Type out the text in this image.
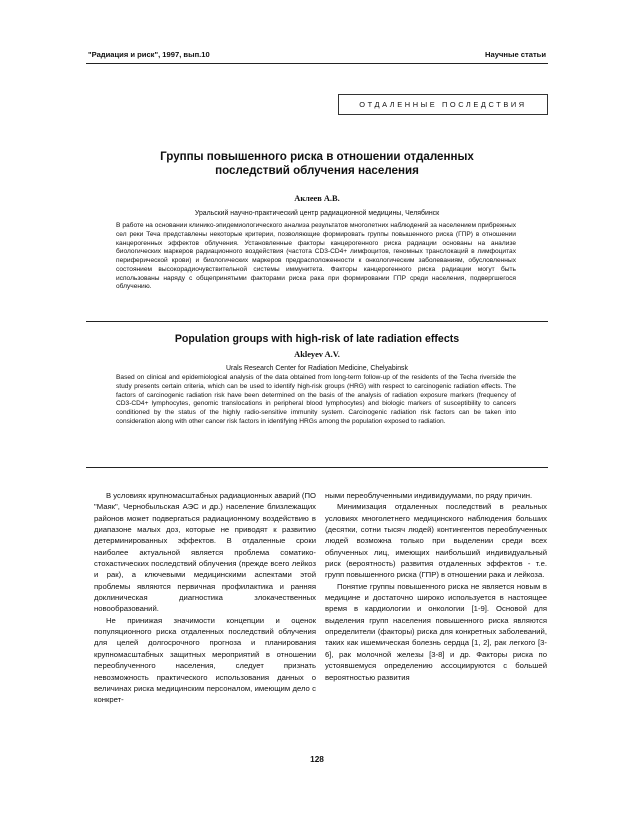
"Радиация и риск", 1997, вып.10	Научные статьи
ОТДАЛЕННЫЕ ПОСЛЕДСТВИЯ
Группы повышенного риска в отношении отдаленных
последствий облучения населения
Аклеев А.В.
Уральский научно-практический центр радиационной медицины, Челябинск
В работе на основании клинико-эпидемиологического анализа результатов многолетних наблюдений за населением прибрежных сел реки Теча представлены некоторые критерии, позволяющие формировать группы повышенного риска (ГПР) в отношении канцерогенных эффектов облучения. Установленные факторы канцерогенного риска радиации основаны на анализе биологических маркеров радиационного воздействия (частота CD3-CD4+ лимфоцитов, геномных транслокаций в лимфоцитах периферической крови) и биологических маркеров предрасположенности к онкологическим заболеваниям, обусловленных состоянием высокорадиочувствительной системы иммунитета. Факторы канцерогенного риска радиации могут быть использованы наряду с общепринятыми факторами риска рака при формировании ГПР среди населения, подвергшегося облучению.
Population groups with high-risk of late radiation effects
Akleyev A.V.
Urals Research Center for Radiation Medicine, Chelyabinsk
Based on clinical and epidemiological analysis of the data obtained from long-term follow-up of the residents of the Techa riverside the study presents certain criteria, which can be used to identify high-risk groups (HRG) with respect to carcinogenic radiation effects. The factors of carcinogenic radiation risk have been determined on the basis of the analysis of radiation exposure markers (frequency of CD3-CD4+ lymphocytes, genomic translocations in peripheral blood lymphocytes) and biologic markers of susceptibility to cancers conditioned by the status of the highly radio-sensitive immunity system. Carcinogenic radiation risk factors can be taken into consideration along with other cancer risk factors in identifying HRGs among the population exposed to radiation.

В условиях крупномасштабных радиационных аварий (ПО "Маяк", Чернобыльская АЭС и др.) население близлежащих районов может подвергаться радиационному воздействию в диапазоне малых доз, которые не приводят к развитию детерминированных эффектов. В отдаленные сроки наиболее актуальной является проблема соматико-стохастических последствий облучения (прежде всего лейкоз и рак), а ключевыми медицинскими аспектами этой проблемы являются первичная профилактика и ранняя доклиническая диагностика злокачественных новообразований.

Не принижая значимости концепции и оценок популяционного риска отдаленных последствий облучения для целей долгосрочного прогноза и планирования крупномасштабных защитных мероприятий в отношении переоблученного населения, следует признать невозможность практического использования данных о величинах риска медицинским персоналом, имеющим дело с конкрет-

ными переоблученными индивидуумами, по ряду причин.

Минимизация отдаленных последствий в реальных условиях многолетнего медицинского наблюдения больших (десятки, сотни тысяч людей) контингентов переоблученных людей возможна только при выделении среди всех облученных лиц, имеющих наибольший индивидуальный риск (вероятность) развития отдаленных эффектов - т.е. групп повышенного риска (ГПР) в отношении рака и лейкоза.

Понятие группы повышенного риска не является новым в медицине и достаточно широко используется в настоящее время в кардиологии и онкологии [1-9]. Основой для выделения групп населения повышенного риска являются определители (факторы) риска для конкретных заболеваний, таких как ишемическая болезнь сердца [1, 2], рак легкого [3-6], рак молочной железы [3-8] и др. Факторы риска по устоявшемуся определению ассоциируются с большей вероятностью развития

128
